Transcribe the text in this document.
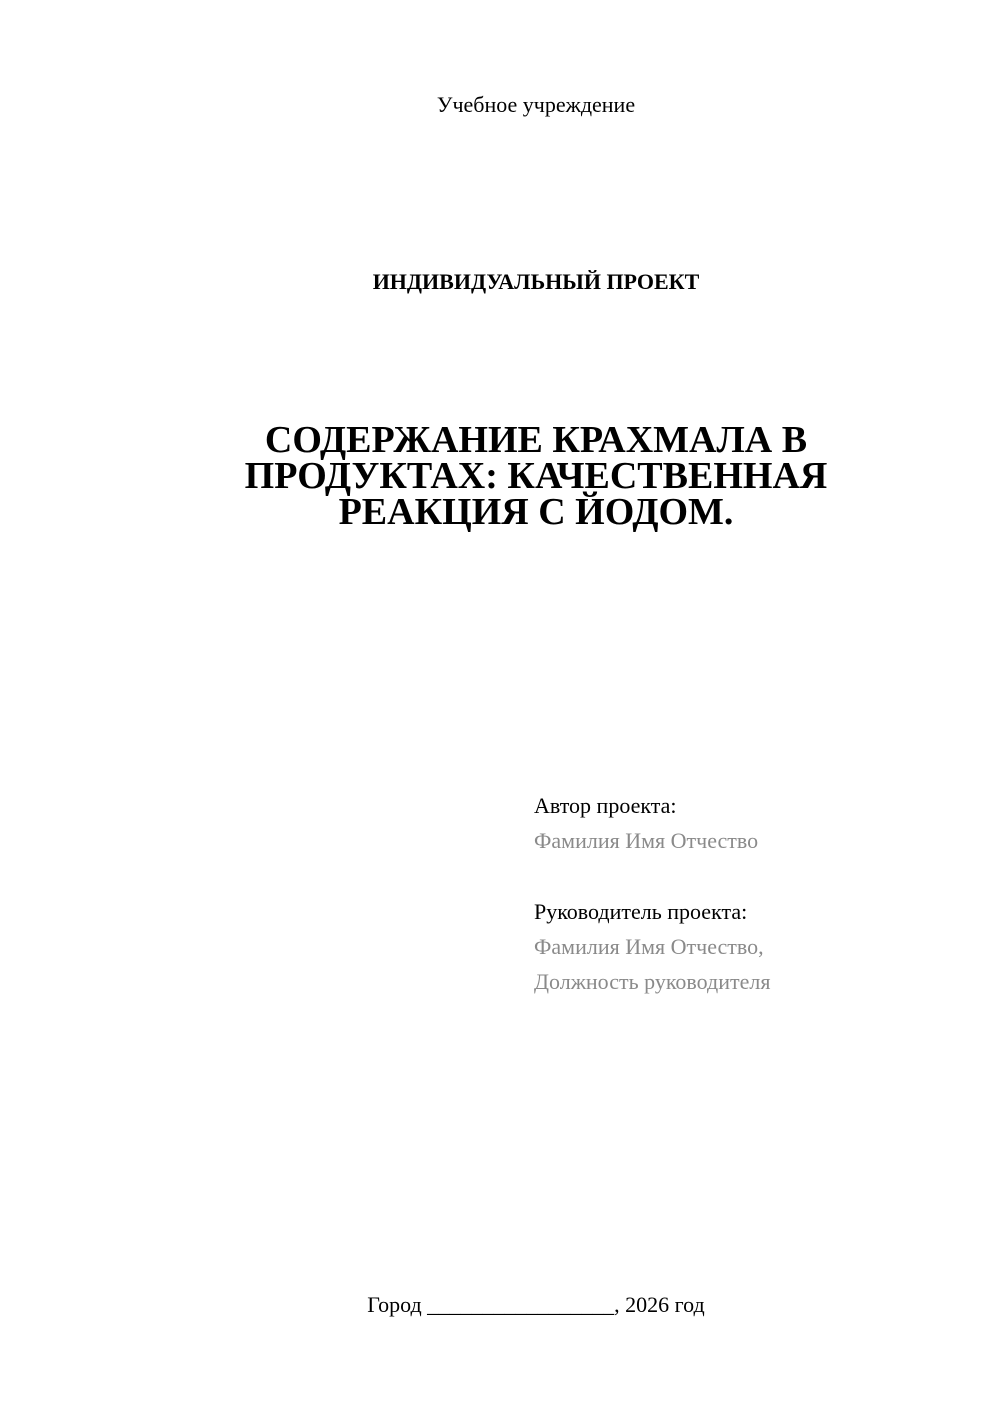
Учебное учреждение
ИНДИВИДУАЛЬНЫЙ ПРОЕКТ
СОДЕРЖАНИЕ КРАХМАЛА В ПРОДУКТАХ: КАЧЕСТВЕННАЯ РЕАКЦИЯ С ЙОДОМ.
Автор проекта:
Фамилия Имя Отчество
Руководитель проекта:
Фамилия Имя Отчество,
Должность руководителя
Город _________________, 2026 год
